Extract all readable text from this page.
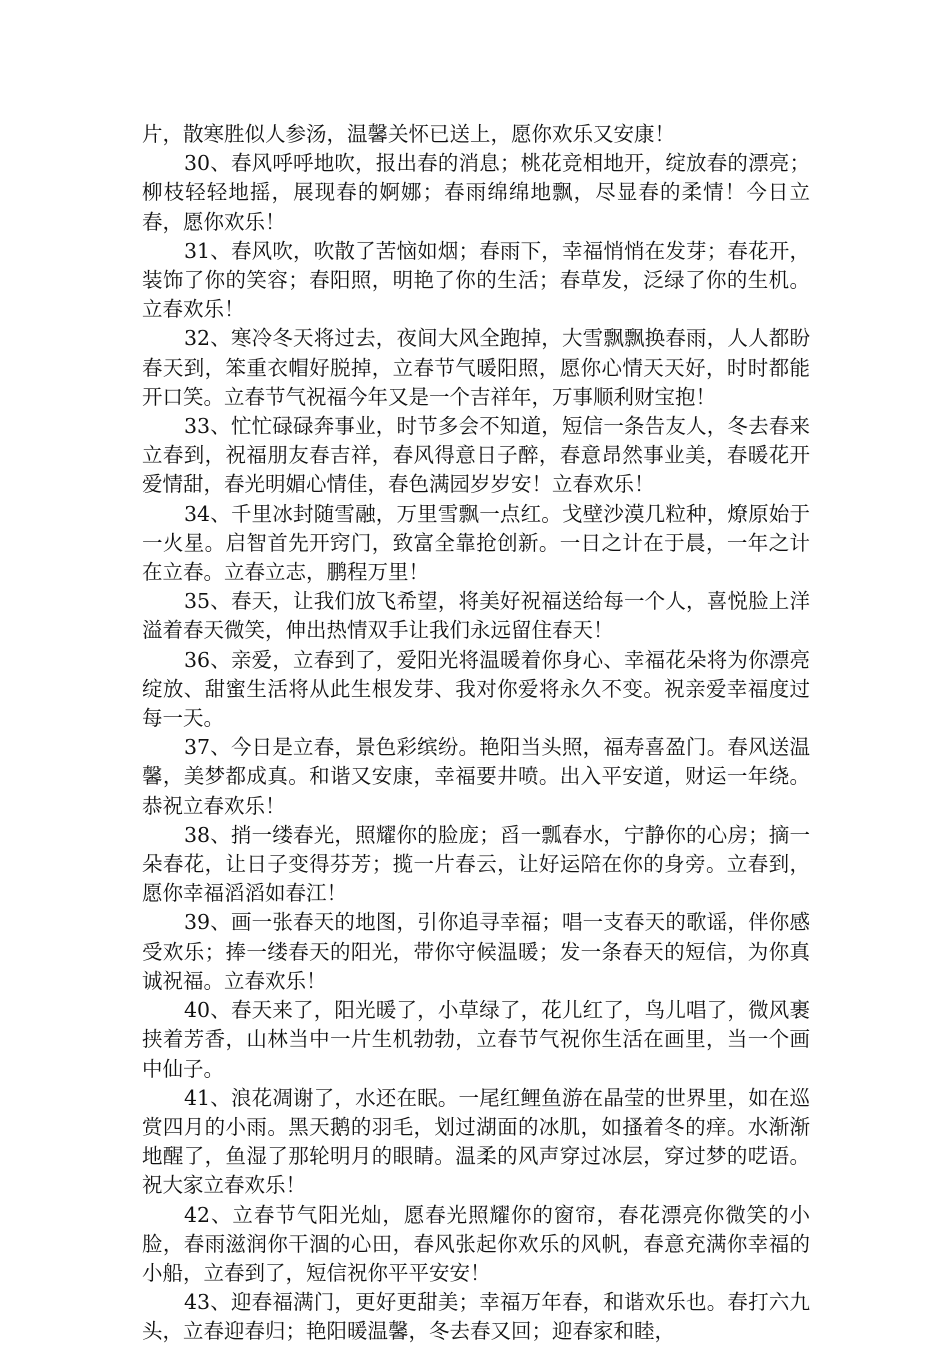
片，散寒胜似人参汤，温馨关怀已送上，愿你欢乐又安康！

30、春风呼呼地吹，报出春的消息；桃花竞相地开，绽放春的漂亮；柳枝轻轻地摇，展现春的婀娜；春雨绵绵地飘，尽显春的柔情！今日立春，愿你欢乐！

31、春风吹，吹散了苦恼如烟；春雨下，幸福悄悄在发芽；春花开，装饰了你的笑容；春阳照，明艳了你的生活；春草发，泛绿了你的生机。立春欢乐！

32、寒冷冬天将过去，夜间大风全跑掉，大雪飘飘换春雨，人人都盼春天到，笨重衣帽好脱掉，立春节气暖阳照，愿你心情天天好，时时都能开口笑。立春节气祝福今年又是一个吉祥年，万事顺利财宝抱！

33、忙忙碌碌奔事业，时节多会不知道，短信一条告友人，冬去春来立春到，祝福朋友春吉祥，春风得意日子醉，春意昂然事业美，春暖花开爱情甜，春光明媚心情佳，春色满园岁岁安！立春欢乐！

34、千里冰封随雪融，万里雪飘一点红。戈壁沙漠几粒种，燎原始于一火星。启智首先开窍门，致富全靠抢创新。一日之计在于晨，一年之计在立春。立春立志，鹏程万里！

35、春天，让我们放飞希望，将美好祝福送给每一个人，喜悦脸上洋溢着春天微笑，伸出热情双手让我们永远留住春天！

36、亲爱，立春到了，爱阳光将温暖着你身心、幸福花朵将为你漂亮绽放、甜蜜生活将从此生根发芽、我对你爱将永久不变。祝亲爱幸福度过每一天。

37、今日是立春，景色彩缤纷。艳阳当头照，福寿喜盈门。春风送温馨，美梦都成真。和谐又安康，幸福要井喷。出入平安道，财运一年绕。恭祝立春欢乐！

38、捎一缕春光，照耀你的脸庞；舀一瓢春水，宁静你的心房；摘一朵春花，让日子变得芬芳；揽一片春云，让好运陪在你的身旁。立春到，愿你幸福滔滔如春江！

39、画一张春天的地图，引你追寻幸福；唱一支春天的歌谣，伴你感受欢乐；捧一缕春天的阳光，带你守候温暖；发一条春天的短信，为你真诚祝福。立春欢乐！

40、春天来了，阳光暖了，小草绿了，花儿红了，鸟儿唱了，微风裹挟着芳香，山林当中一片生机勃勃，立春节气祝你生活在画里，当一个画中仙子。

41、浪花凋谢了，水还在眠。一尾红鲤鱼游在晶莹的世界里，如在巡赏四月的小雨。黑天鹅的羽毛，划过湖面的冰肌，如搔着冬的痒。水渐渐地醒了，鱼湿了那轮明月的眼睛。温柔的风声穿过冰层，穿过梦的呓语。祝大家立春欢乐！

42、立春节气阳光灿，愿春光照耀你的窗帘，春花漂亮你微笑的小脸，春雨滋润你干涸的心田，春风张起你欢乐的风帆，春意充满你幸福的小船，立春到了，短信祝你平平安安！

43、迎春福满门，更好更甜美；幸福万年春，和谐欢乐也。春打六九头，立春迎春归；艳阳暖温馨，冬去春又回；迎春家和睦，
